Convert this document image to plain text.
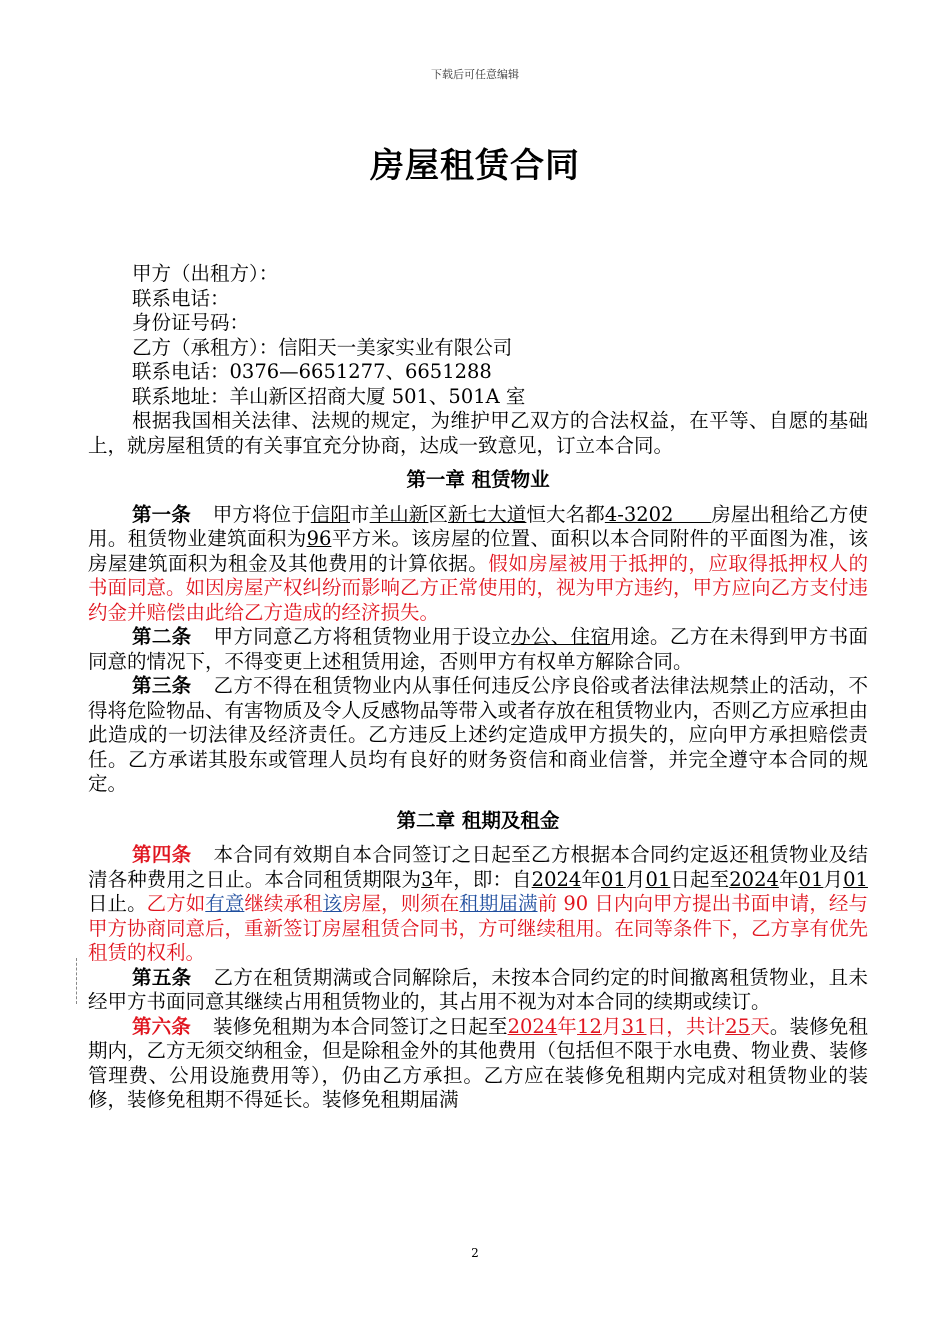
下载后可任意编辑
房屋租赁合同
甲方（出租方）：
联系电话：
身份证号码：
乙方（承租方）：信阳天一美家实业有限公司
联系电话：0376—6651277、6651288
联系地址：羊山新区招商大厦 501、501A 室

根据我国相关法律、法规的规定，为维护甲乙双方的合法权益，在平等、自愿的基础上，就房屋租赁的有关事宜充分协商，达成一致意见，订立本合同。

第一章 租赁物业

第一条 甲方将位于信阳市羊山新区新七大道恒大名都4-3202      房屋出租给乙方使用。租赁物业建筑面积为96平方米。该房屋的位置、面积以本合同附件的平面图为准，该房屋建筑面积为租金及其他费用的计算依据。假如房屋被用于抵押的，应取得抵押权人的书面同意。如因房屋产权纠纷而影响乙方正常使用的，视为甲方违约，甲方应向乙方支付违约金并赔偿由此给乙方造成的经济损失。

第二条 甲方同意乙方将租赁物业用于设立办公、住宿用途。乙方在未得到甲方书面同意的情况下，不得变更上述租赁用途，否则甲方有权单方解除合同。

第三条 乙方不得在租赁物业内从事任何违反公序良俗或者法律法规禁止的活动，不得将危险物品、有害物质及令人反感物品等带入或者存放在租赁物业内，否则乙方应承担由此造成的一切法律及经济责任。乙方违反上述约定造成甲方损失的，应向甲方承担赔偿责任。乙方承诺其股东或管理人员均有良好的财务资信和商业信誉，并完全遵守本合同的规定。

第二章 租期及租金

第四条 本合同有效期自本合同签订之日起至乙方根据本合同约定返还租赁物业及结清各种费用之日止。本合同租赁期限为3年，即：自2024年01月01日起至2024年01月01日止。乙方如有意继续承租该房屋，则须在租期届满前 90 日内向甲方提出书面申请，经与甲方协商同意后，重新签订房屋租赁合同书，方可继续租用。在同等条件下，乙方享有优先租赁的权利。

第五条 乙方在租赁期满或合同解除后，未按本合同约定的时间撤离租赁物业，且未经甲方书面同意其继续占用租赁物业的，其占用不视为对本合同的续期或续订。

第六条 装修免租期为本合同签订之日起至2024年12月31日，共计25天。装修免租期内，乙方无须交纳租金，但是除租金外的其他费用（包括但不限于水电费、物业费、装修管理费、公用设施费用等），仍由乙方承担。乙方应在装修免租期内完成对租赁物业的装修，装修免租期不得延长。装修免租期届满

2
